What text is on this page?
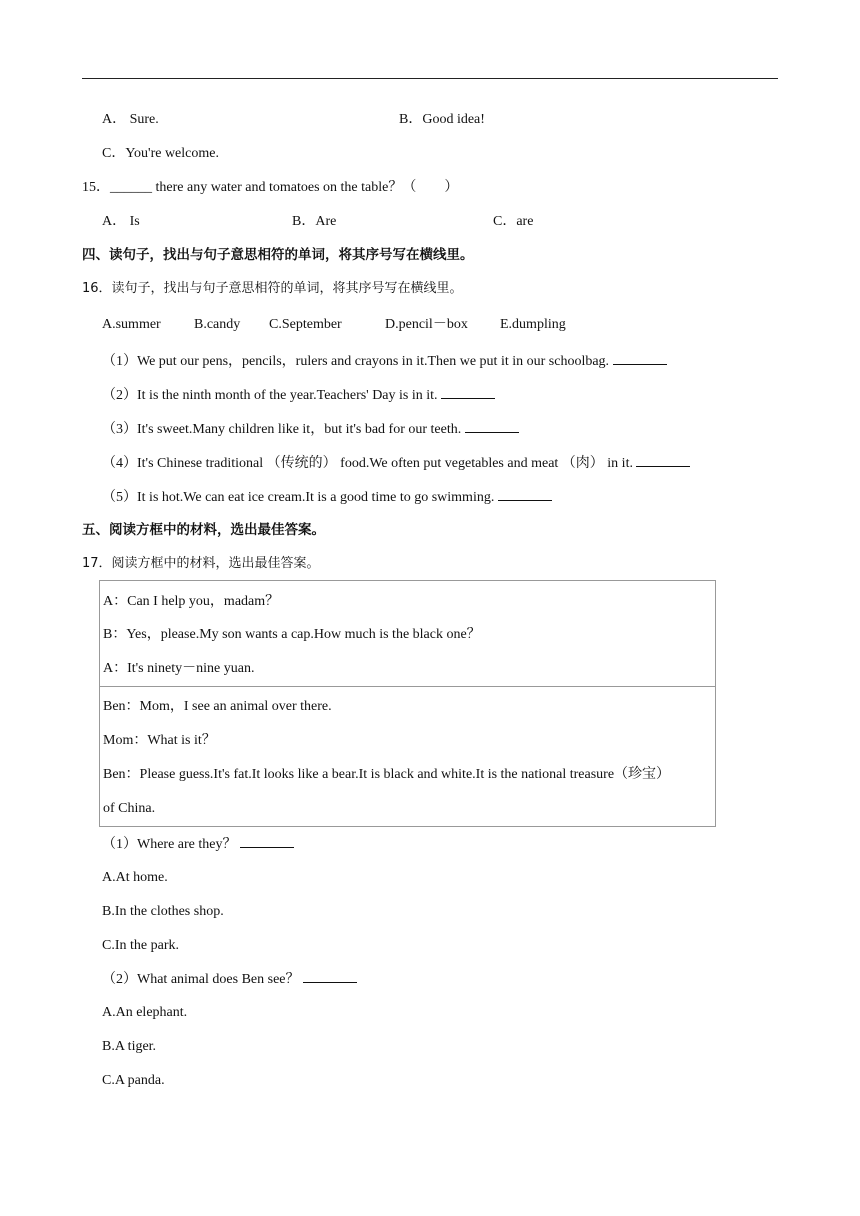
A． Sure.	B．Good idea!
C．You're welcome.
15．______ there any water and tomatoes on the table？（　　）
A． Is	B．Are	C．are
四、读句子，找出与句子意思相符的单词，将其序号写在横线里。
16．读句子，找出与句子意思相符的单词，将其序号写在横线里。
A.summer B.candy C.September	D.pencil－box E.dumpling
（1）We put our pens，pencils，rulers and crayons in it.Then we put it in our schoolbag.
（2）It is the ninth month of the year.Teachers' Day is in it.
（3）It's sweet.Many children like it，but it's bad for our teeth.
（4）It's Chinese traditional （传统的） food.We often put vegetables and meat （肉） in it.
（5）It is hot.We can eat ice cream.It is a good time to go swimming.
五、阅读方框中的材料，选出最佳答案。
17．阅读方框中的材料，选出最佳答案。
A：Can I help you，madam？
B：Yes，please.My son wants a cap.How much is the black one？
A：It's ninety－nine yuan.
Ben：Mom，I see an animal over there.
Mom：What is it？
Ben：Please guess.It's fat.It looks like a bear.It is black and white.It is the national treasure（珍宝）
of China.
（1）Where are they？
A.At home.
B.In the clothes shop.
C.In the park.
（2）What animal does Ben see？
A.An elephant.
B.A tiger.
C.A panda.
